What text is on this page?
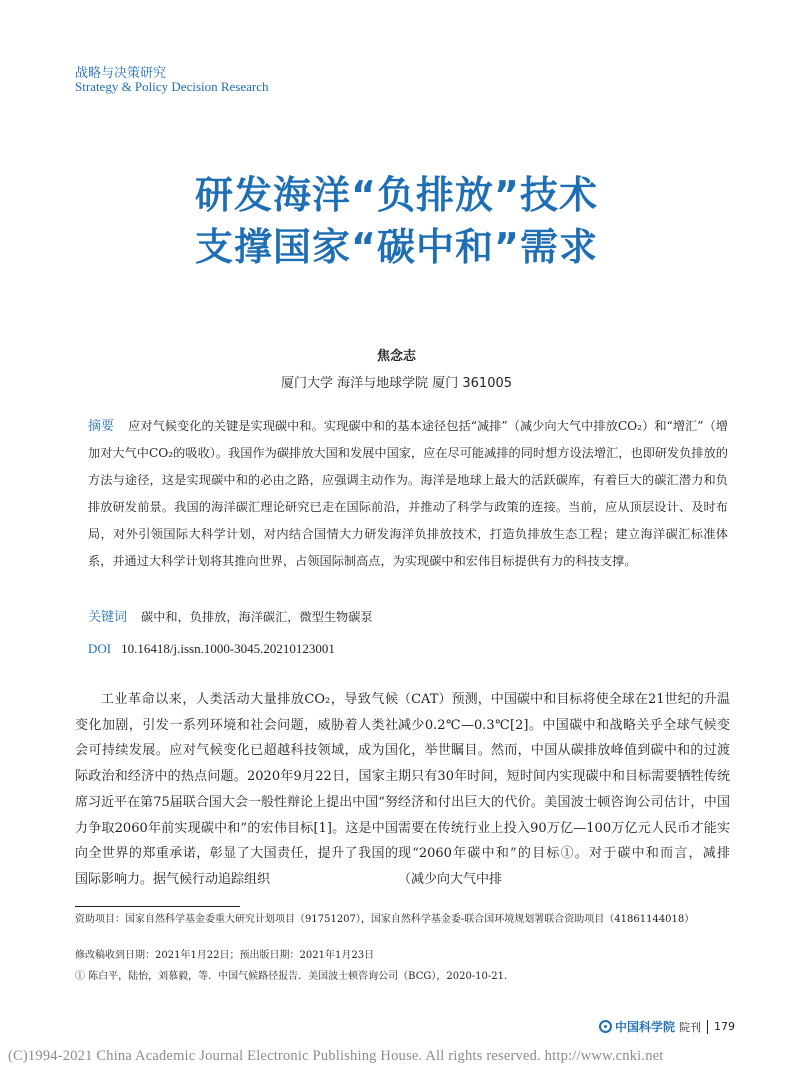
战略与决策研究
Strategy & Policy Decision Research
研发海洋“负排放”技术
支撑国家“碳中和”需求
焦念志
厦门大学 海洋与地球学院 厦门 361005
摘要 应对气候变化的关键是实现碳中和。实现碳中和的基本途径包括“减排”（减少向大气中排放CO₂）和“增汇”（增加对大气中CO₂的吸收）。我国作为碳排放大国和发展中国家，应在尽可能减排的同时想方设法增汇，也即研发负排放的方法与途径，这是实现碳中和的必由之路，应强调主动作为。海洋是地球上最大的活跃碳库，有着巨大的碳汇潜力和负排放研发前景。我国的海洋碳汇理论研究已走在国际前沿，并推动了科学与政策的连接。当前，应从顶层设计、及时布局，对外引领国际大科学计划，对内结合国情大力研发海洋负排放技术，打造负排放生态工程；建立海洋碳汇标准体系，并通过大科学计划将其推向世界，占领国际制高点，为实现碳中和宏伟目标提供有力的科技支撑。
关键词 碳中和，负排放，海洋碳汇，微型生物碳泵
DOI 10.16418/j.issn.1000-3045.20210123001

工业革命以来，人类活动大量排放CO₂，导致气候变化加剧，引发一系列环境和社会问题，威胁着人类社会可持续发展。应对气候变化已超越科技领域，成为国际政治和经济中的热点问题。2020年9月22日，国家主席习近平在第75届联合国大会一般性辩论上提出中国“努力争取2060年前实现碳中和”的宏伟目标[1]。这是中国向全世界的郑重承诺，彰显了大国责任，提升了我国的国际影响力。据气候行动追踪组织

（CAT）预测，中国碳中和目标将使全球在21世纪的升温减少0.2℃—0.3℃[2]。中国碳中和战略关乎全球气候变化，举世瞩目。然而，中国从碳排放峰值到碳中和的过渡期只有30年时间，短时间内实现碳中和目标需要牺牲传统经济和付出巨大的代价。美国波士顿咨询公司估计，中国需要在传统行业上投入90万亿—100万亿元人民币才能实现“2060年碳中和”的目标①。对于碳中和而言，减排（减少向大气中排

资助项目：国家自然科学基金委重大研究计划项目（91751207），国家自然科学基金委-联合国环境规划署联合资助项目（41861144018）
修改稿收到日期：2021年1月22日；预出版日期：2021年1月23日
① 陈白平，陆怡，刘慕毅，等．中国气候路径报告．美国波士顿咨询公司（BCG），2020-10-21.
中国科学院 院刊 179
(C)1994-2021 China Academic Journal Electronic Publishing House. All rights reserved. http://www.cnki.net
